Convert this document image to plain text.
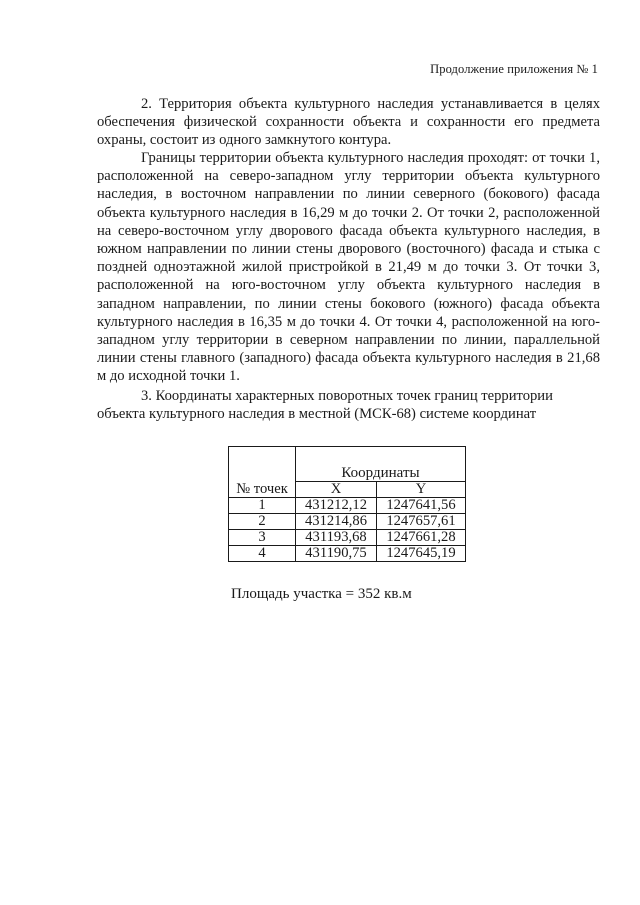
Продолжение приложения № 1

2. Территория объекта культурного наследия устанавливается в целях обеспечения физической сохранности объекта и сохранности его предмета охраны, состоит из одного замкнутого контура.

Границы территории объекта культурного наследия проходят: от точки 1, расположенной на северо-западном углу территории объекта культурного наследия, в восточном направлении по линии северного (бокового) фасада объекта культурного наследия в 16,29 м до точки 2. От точки 2, расположенной на северо-восточном углу дворового фасада объекта культурного наследия, в южном направлении по линии стены дворового (восточного) фасада и стыка с поздней одноэтажной жилой пристройкой в 21,49 м до точки 3. От точки 3, расположенной на юго-восточном углу объекта культурного наследия в западном направлении, по линии стены бокового (южного) фасада объекта культурного наследия в 16,35 м до точки 4. От точки 4, расположенной на юго-западном углу территории в северном направлении по линии, параллельной линии стены главного (западного) фасада объекта культурного наследия в 21,68 м до исходной точки 1.

3. Координаты характерных поворотных точек границ территории объекта культурного наследия в местной (МСК-68) системе координат

№ точек	Координаты	
	X	Y
1	431212,12	1247641,56
2	431214,86	1247657,61
3	431193,68	1247661,28
4	431190,75	1247645,19
Площадь участка = 352 кв.м
